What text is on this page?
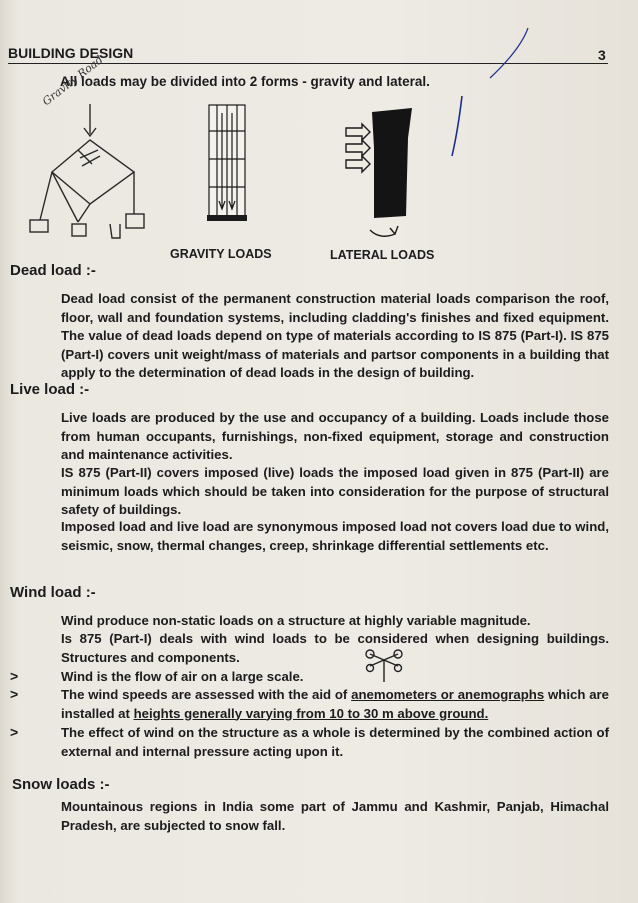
BUILDING DESIGN	3
All loads may be divided into 2 forms - gravity and lateral.
Gravity Road
GRAVITY LOADS	LATERAL LOADS
Dead load :-
Dead load consist of the permanent construction material loads comparison the roof, floor, wall and foundation systems, including cladding's finishes and fixed equipment. The value of dead loads depend on type of materials according to IS 875 (Part-I). IS 875 (Part-I) covers unit weight/mass of materials and partsor components in a building that apply to the determination of dead loads in the design of building.
Live load :-
Live loads are produced by the use and occupancy of a building. Loads include those from human occupants, furnishings, non-fixed equipment, storage and construction and maintenance activities.
IS 875 (Part-II) covers imposed (live) loads the imposed load given in 875 (Part-II) are minimum loads which should be taken into consideration for the purpose of structural safety of buildings.
Imposed load and live load are synonymous imposed load not covers load due to wind, seismic, snow, thermal changes, creep, shrinkage differential settlements etc.
Wind load :-
Wind produce non-static loads on a structure at highly variable magnitude.
Is 875 (Part-I) deals with wind loads to be considered when designing buildings. Structures and components.
>	Wind is the flow of air on a large scale.
>	The wind speeds are assessed with the aid of anemometers or anemographs which are installed at heights generally varying from 10 to 30 m above ground.
>	The effect of wind on the structure as a whole is determined by the combined action of external and internal pressure acting upon it.
Snow loads :-
Mountainous regions in India some part of Jammu and Kashmir, Panjab, Himachal Pradesh, are subjected to snow fall.
